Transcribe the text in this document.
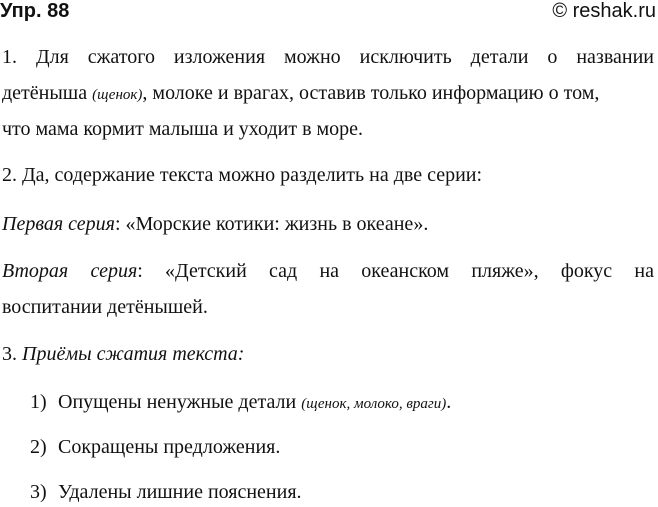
Упр. 88	© reshak.ru
1. Для сжатого изложения можно исключить детали о названии
детёныша (щенок), молоке и врагах, оставив только информацию о том,
что мама кормит малыша и уходит в море.
2. Да, содержание текста можно разделить на две серии:
Первая серия: «Морские котики: жизнь в океане».
Вторая серия: «Детский сад на океанском пляже», фокус на
воспитании детёнышей.
3. Приёмы сжатия текста:
1) Опущены ненужные детали (щенок, молоко, враги).
2) Сокращены предложения.
3) Удалены лишние пояснения.
